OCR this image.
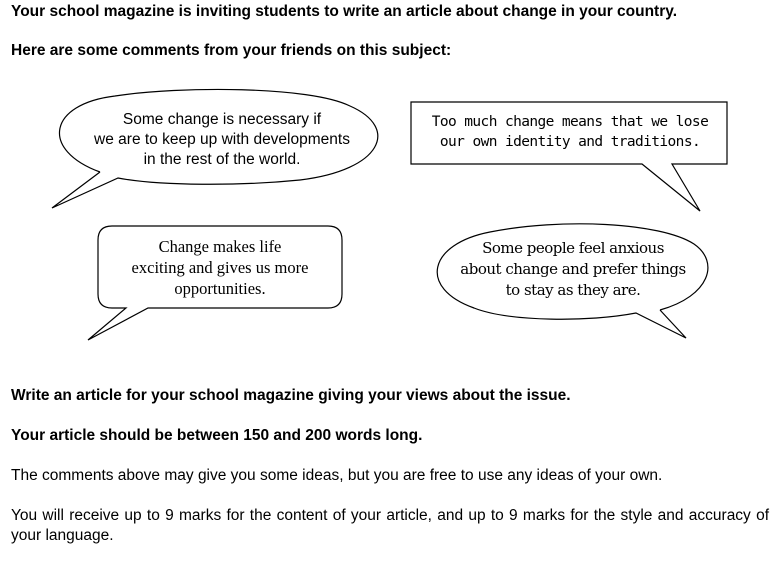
Your school magazine is inviting students to write an article about change in your country.

Here are some comments from your friends on this subject:

Some change is necessary if
we are to keep up with developments
in the rest of the world.
Too much change means that we lose
our own identity and traditions.
Change makes life
exciting and gives us more
opportunities.
Some people feel anxious
about change and prefer things
to stay as they are.

Write an article for your school magazine giving your views about the issue.

Your article should be between 150 and 200 words long.

The comments above may give you some ideas, but you are free to use any ideas of your own.

You will receive up to 9 marks for the content of your article, and up to 9 marks for the style and accuracy of your language.
